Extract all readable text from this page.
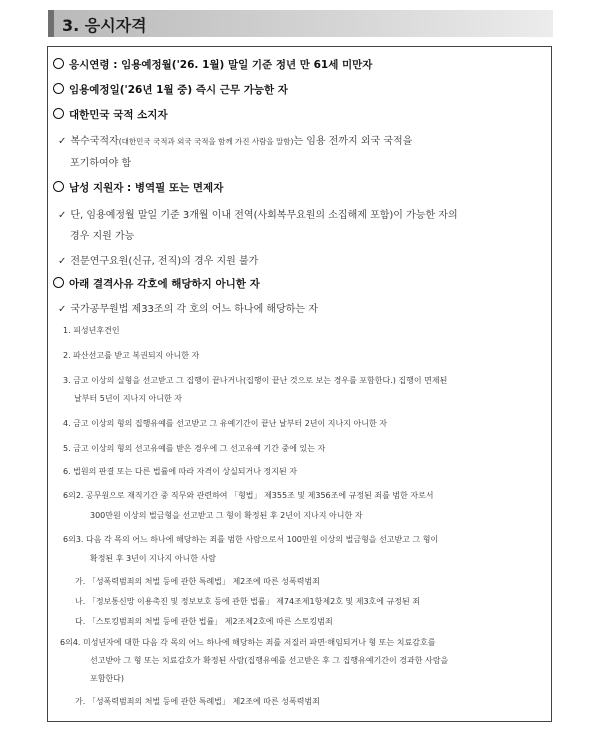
3. 응시자격
응시연령 : 임용예정월('26. 1월) 말일 기준 정년 만 61세 미만자
임용예정일('26년 1월 중) 즉시 근무 가능한 자
대한민국 국적 소지자
✓ 복수국적자(대한민국 국적과 외국 국적을 함께 가진 사람을 말함)는 임용 전까지 외국 국적을
포기하여야 함
남성 지원자 : 병역필 또는 면제자
✓ 단, 임용예정월 말일 기준 3개월 이내 전역(사회복무요원의 소집해제 포함)이 가능한 자의
경우 지원 가능
✓ 전문연구요원(신규, 전직)의 경우 지원 불가
아래 결격사유 각호에 해당하지 아니한 자
✓ 국가공무원법 제33조의 각 호의 어느 하나에 해당하는 자
1. 피성년후견인
2. 파산선고를 받고 복권되지 아니한 자
3. 금고 이상의 실형을 선고받고 그 집행이 끝나거나(집행이 끝난 것으로 보는 경우를 포함한다.) 집행이 면제된
날부터 5년이 지나지 아니한 자
4. 금고 이상의 형의 집행유예를 선고받고 그 유예기간이 끝난 날부터 2년이 지나지 아니한 자
5. 금고 이상의 형의 선고유예를 받은 경우에 그 선고유예 기간 중에 있는 자
6. 법원의 판결 또는 다른 법률에 따라 자격이 상실되거나 정지된 자
6의2. 공무원으로 재직기간 중 직무와 관련하여 「형법」 제355조 및 제356조에 규정된 죄를 범한 자로서
300만원 이상의 벌금형을 선고받고 그 형이 확정된 후 2년이 지나지 아니한 자
6의3. 다음 각 목의 어느 하나에 해당하는 죄를 범한 사람으로서 100만원 이상의 벌금형을 선고받고 그 형이
확정된 후 3년이 지나지 아니한 사람
가. 「성폭력범죄의 처벌 등에 관한 특례법」 제2조에 따른 성폭력범죄
나. 「정보통신망 이용촉진 및 정보보호 등에 관한 법률」 제74조제1항제2호 및 제3호에 규정된 죄
다. 「스토킹범죄의 처벌 등에 관한 법률」 제2조제2호에 따른 스토킹범죄
6의4. 미성년자에 대한 다음 각 목의 어느 하나에 해당하는 죄를 저질러 파면·해임되거나 형 또는 치료감호를
선고받아 그 형 또는 치료감호가 확정된 사람(집행유예를 선고받은 후 그 집행유예기간이 경과한 사람을
포함한다)
가. 「성폭력범죄의 처벌 등에 관한 특례법」 제2조에 따른 성폭력범죄
